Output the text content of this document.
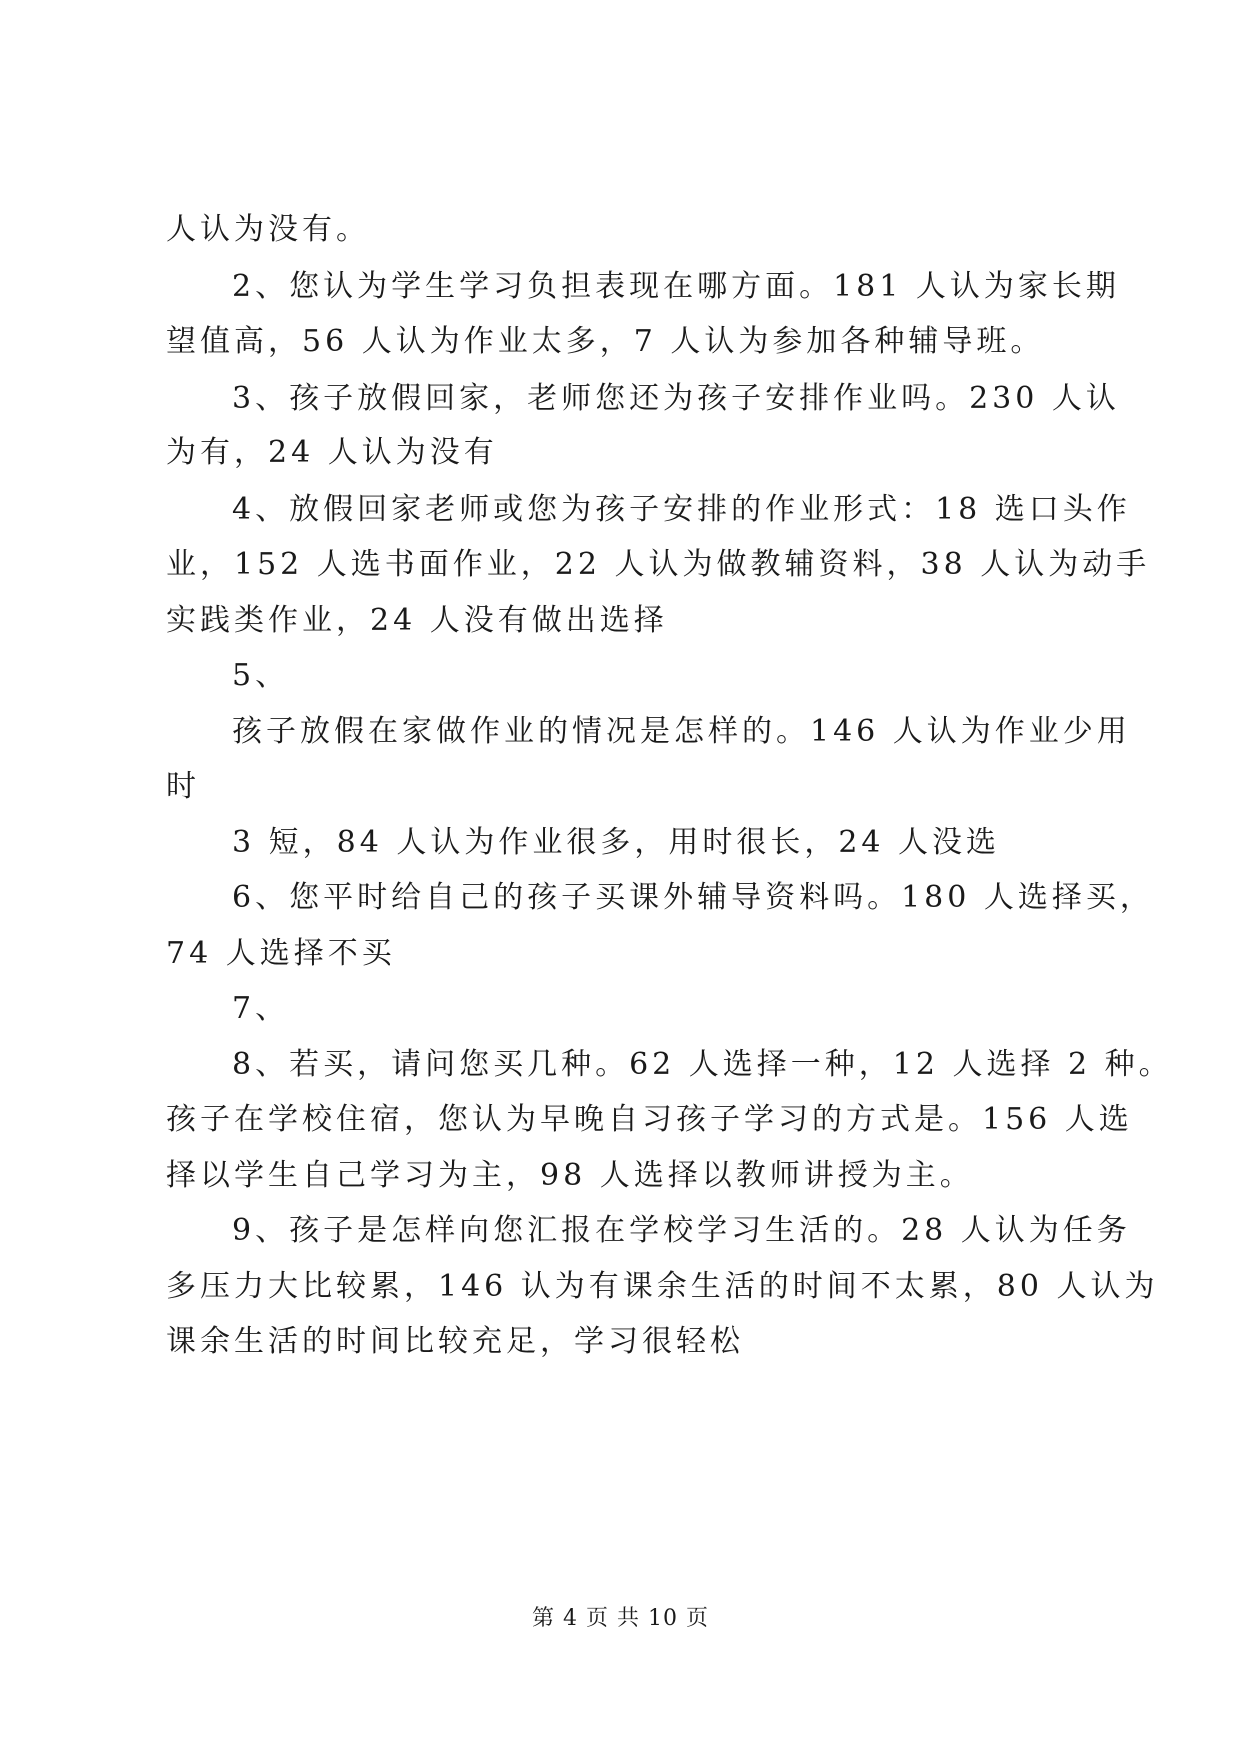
人认为没有。
2、您认为学生学习负担表现在哪方面。181 人认为家长期
望值高，56 人认为作业太多，7 人认为参加各种辅导班。
3、孩子放假回家，老师您还为孩子安排作业吗。230 人认
为有，24 人认为没有
4、放假回家老师或您为孩子安排的作业形式：18 选口头作
业，152 人选书面作业，22 人认为做教辅资料，38 人认为动手
实践类作业，24 人没有做出选择
5、
孩子放假在家做作业的情况是怎样的。146 人认为作业少用
时
3 短，84 人认为作业很多，用时很长，24 人没选
6、您平时给自己的孩子买课外辅导资料吗。180 人选择买，
74 人选择不买
7、
8、若买，请问您买几种。62 人选择一种，12 人选择 2 种。
孩子在学校住宿，您认为早晚自习孩子学习的方式是。156 人选
择以学生自己学习为主，98 人选择以教师讲授为主。
9、孩子是怎样向您汇报在学校学习生活的。28 人认为任务
多压力大比较累，146 认为有课余生活的时间不太累，80 人认为
课余生活的时间比较充足，学习很轻松
第 4 页 共 10 页
